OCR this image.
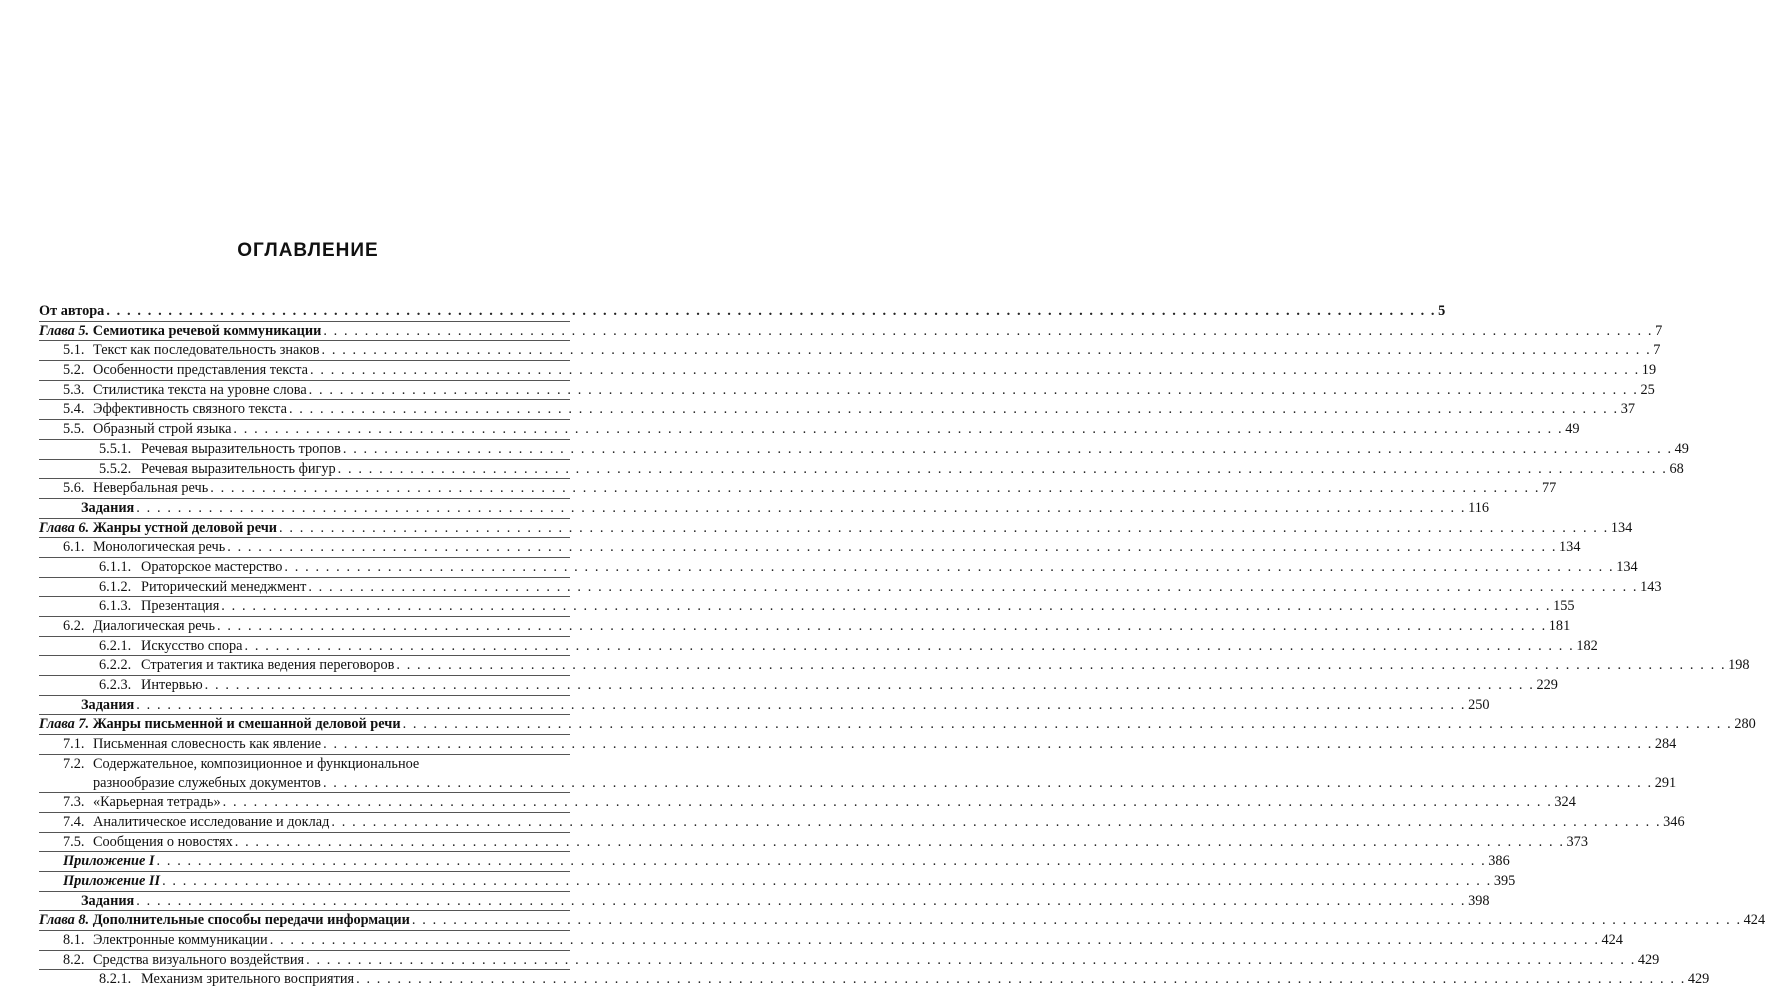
ОГЛАВЛЕНИЕ
От автора . . .	5
Глава 5. Семиотика речевой коммуникации . . .	7
5.1. Текст как последовательность знаков . . .	7
5.2. Особенности представления текста . . .	19
5.3. Стилистика текста на уровне слова . . .	25
5.4. Эффективность связного текста . . .	37
5.5. Образный строй языка . . .	49
5.5.1. Речевая выразительность тропов . . .	49
5.5.2. Речевая выразительность фигур . . .	68
5.6. Невербальная речь . . .	77
Задания . . .	116
Глава 6. Жанры устной деловой речи . . .	134
6.1. Монологическая речь . . .	134
6.1.1. Ораторское мастерство . . .	134
6.1.2. Риторический менеджмент . . .	143
6.1.3. Презентация . . .	155
6.2. Диалогическая речь . . .	181
6.2.1. Искусство спора . . .	182
6.2.2. Стратегия и тактика ведения переговоров . . .	198
6.2.3. Интервью . . .	229
Задания . . .	250
Глава 7. Жанры письменной и смешанной деловой речи . . .	280
7.1. Письменная словесность как явление . . .	284
7.2. Содержательное, композиционное и функциональное
разнообразие служебных документов . . .	291
7.3. «Карьерная тетрадь» . . .	324
7.4. Аналитическое исследование и доклад . . .	346
7.5. Сообщения о новостях . . .	373
Приложение I . . .	386
Приложение II . . .	395
Задания . . .	398
Глава 8. Дополнительные способы передачи информации . . .	424
8.1. Электронные коммуникации . . .	424
8.2. Средства визуального воздействия . . .	429
8.2.1. Механизм зрительного восприятия . . .	429
